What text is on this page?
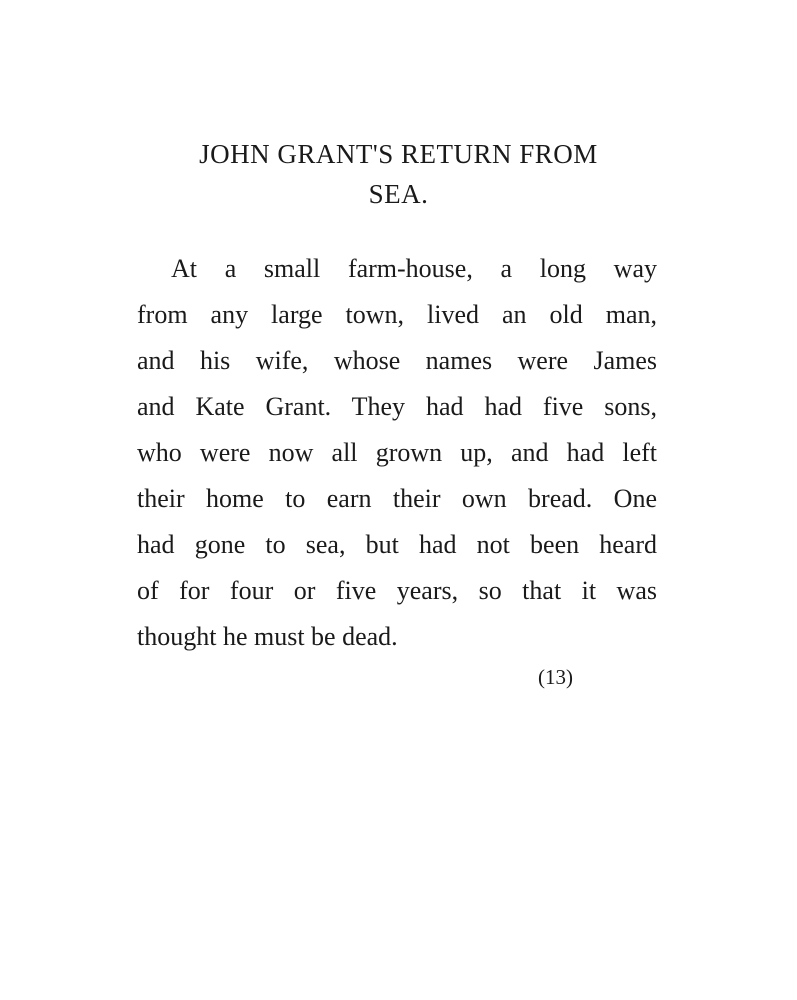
JOHN GRANT'S RETURN FROM
SEA.
At a small farm-house, a long way
from any large town, lived an old man,
and his wife, whose names were James
and Kate Grant. They had had five sons,
who were now all grown up, and had left
their home to earn their own bread. One
had gone to sea, but had not been heard
of for four or five years, so that it was
thought he must be dead.
(13)
